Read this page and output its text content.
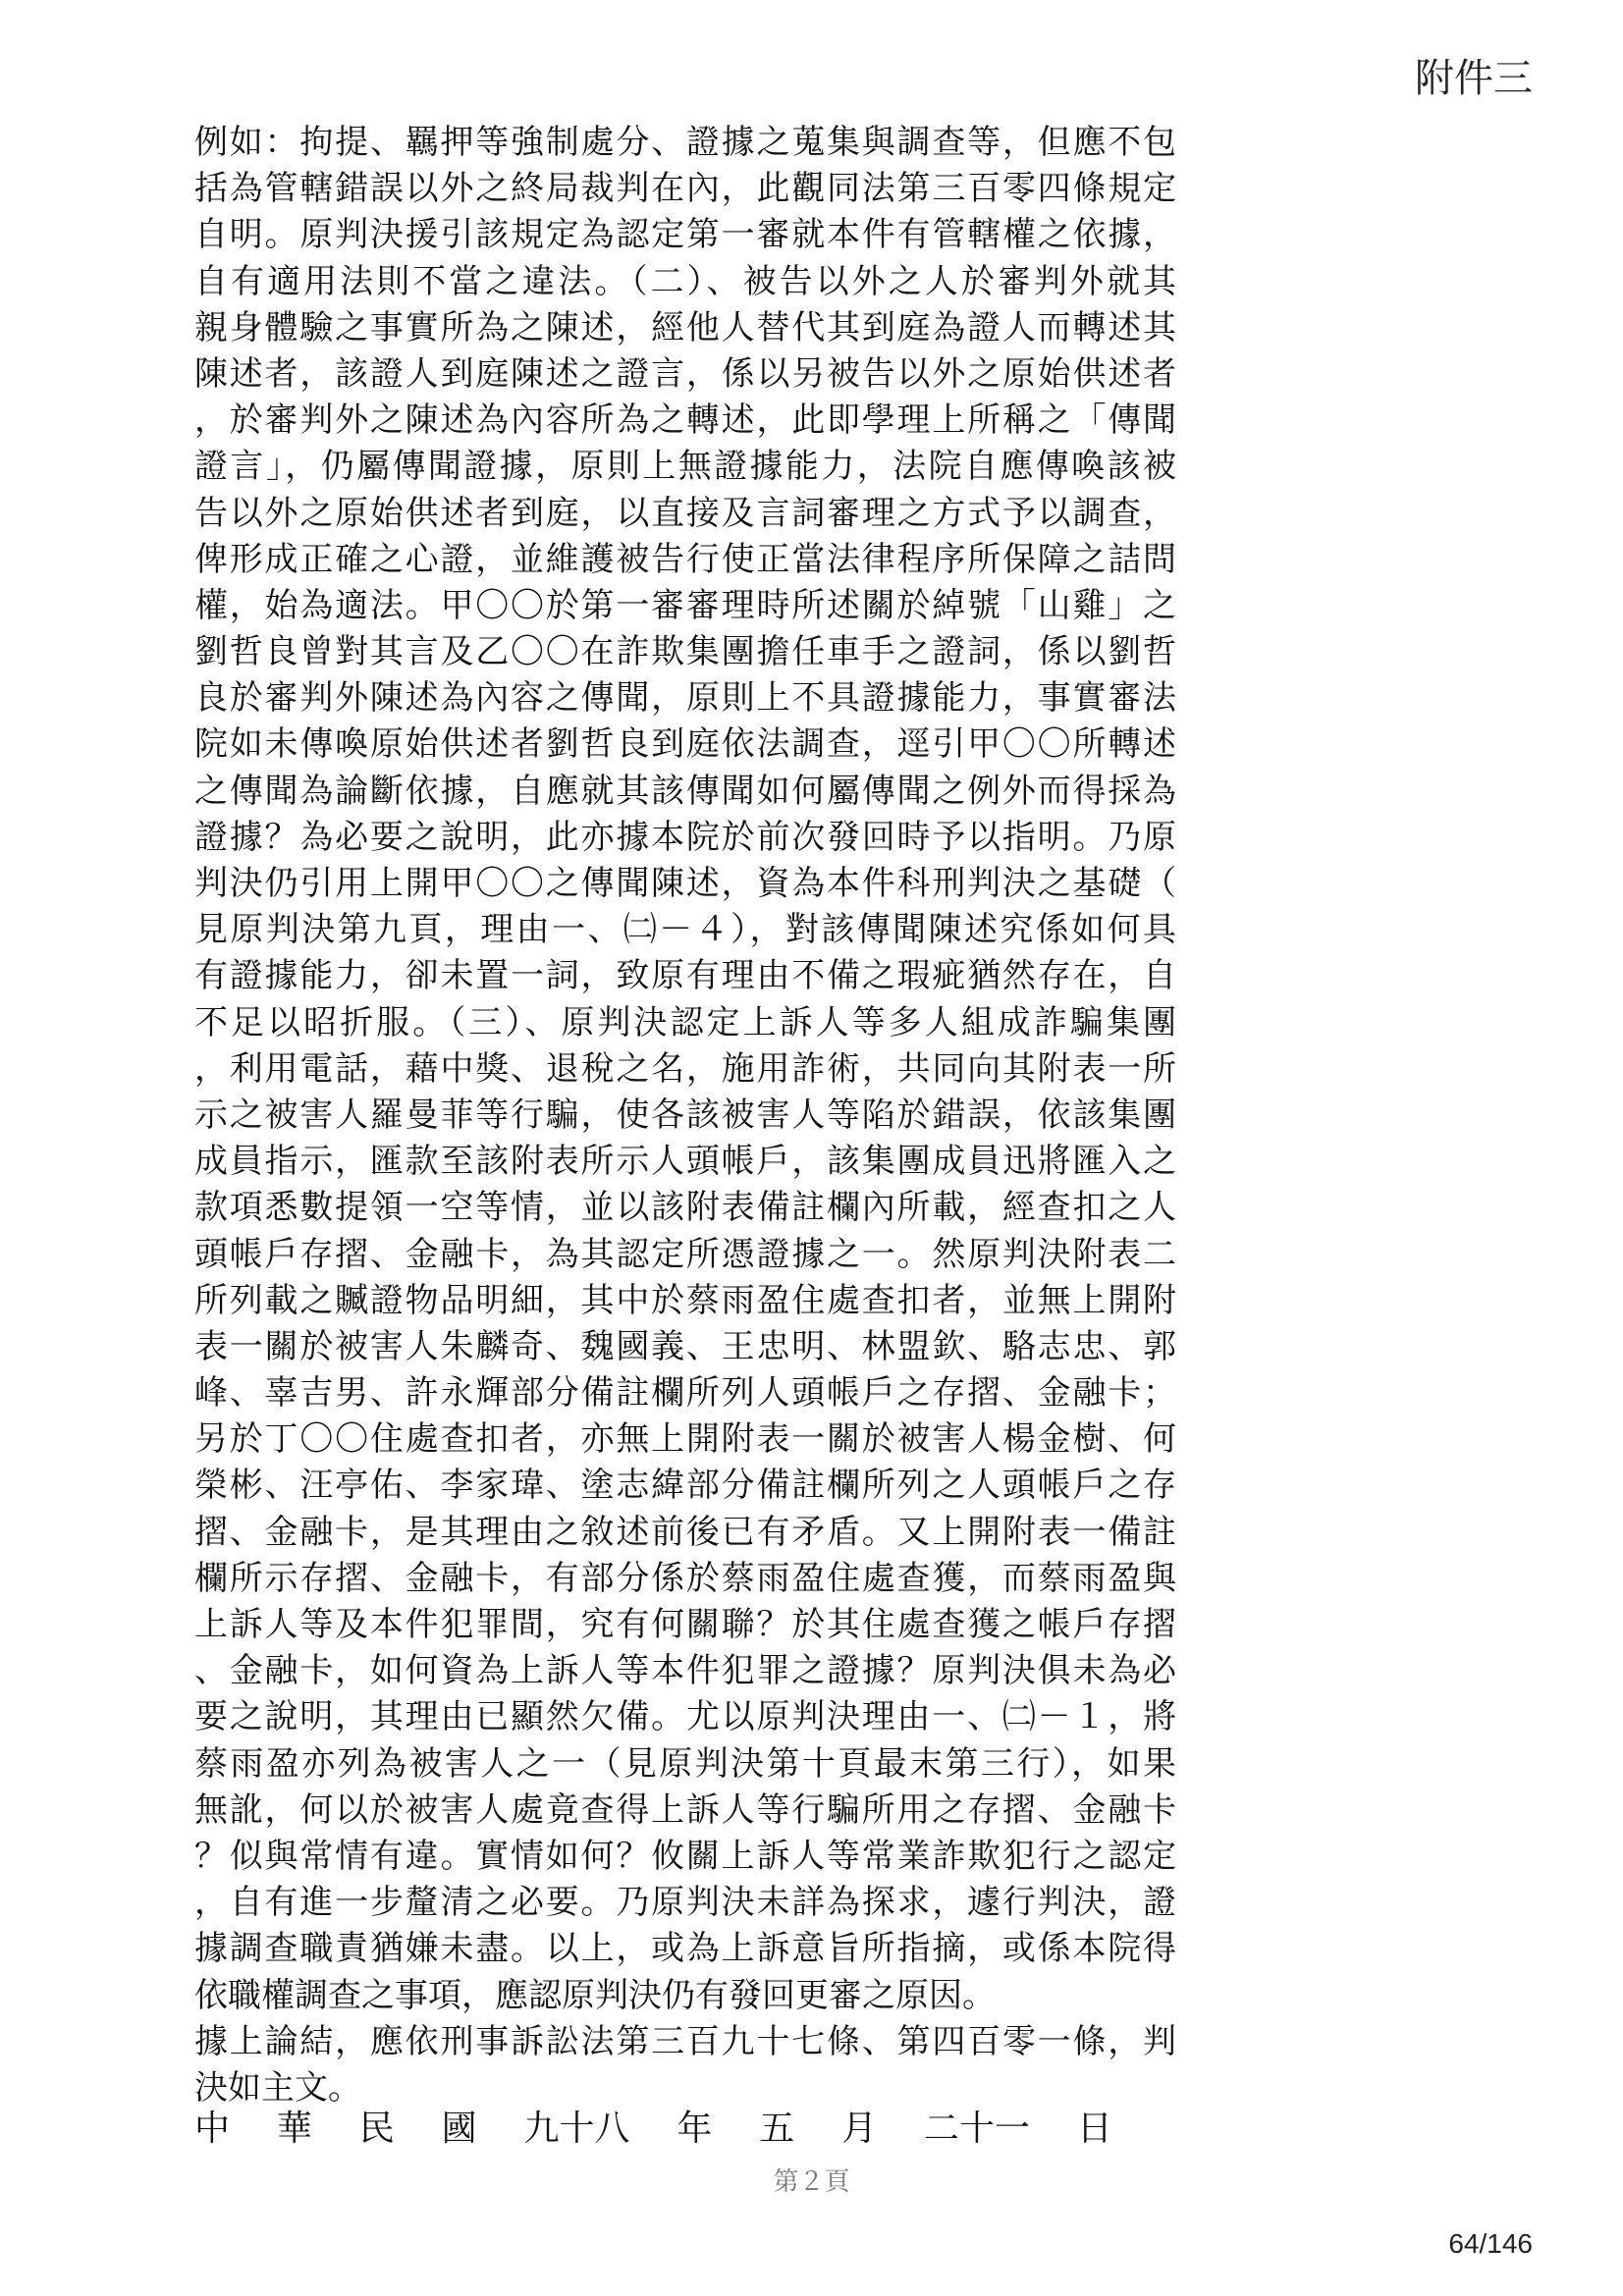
附件三
例如：拘提、羈押等強制處分、證據之蒐集與調查等，但應不包
括為管轄錯誤以外之終局裁判在內，此觀同法第三百零四條規定
自明。原判決援引該規定為認定第一審就本件有管轄權之依據，
自有適用法則不當之違法。（二）、被告以外之人於審判外就其
親身體驗之事實所為之陳述，經他人替代其到庭為證人而轉述其
陳述者，該證人到庭陳述之證言，係以另被告以外之原始供述者
，於審判外之陳述為內容所為之轉述，此即學理上所稱之「傳聞
證言」，仍屬傳聞證據，原則上無證據能力，法院自應傳喚該被
告以外之原始供述者到庭，以直接及言詞審理之方式予以調查，
俾形成正確之心證，並維護被告行使正當法律程序所保障之詰問
權，始為適法。甲〇〇於第一審審理時所述關於綽號「山雞」之
劉哲良曾對其言及乙〇〇在詐欺集團擔任車手之證詞，係以劉哲
良於審判外陳述為內容之傳聞，原則上不具證據能力，事實審法
院如未傳喚原始供述者劉哲良到庭依法調查，逕引甲〇〇所轉述
之傳聞為論斷依據，自應就其該傳聞如何屬傳聞之例外而得採為
證據？為必要之說明，此亦據本院於前次發回時予以指明。乃原
判決仍引用上開甲〇〇之傳聞陳述，資為本件科刑判決之基礎（
見原判決第九頁，理由一、㈡－４），對該傳聞陳述究係如何具
有證據能力，卻未置一詞，致原有理由不備之瑕疵猶然存在，自
不足以昭折服。（三）、原判決認定上訴人等多人組成詐騙集團
，利用電話，藉中獎、退稅之名，施用詐術，共同向其附表一所
示之被害人羅曼菲等行騙，使各該被害人等陷於錯誤，依該集團
成員指示，匯款至該附表所示人頭帳戶，該集團成員迅將匯入之
款項悉數提領一空等情，並以該附表備註欄內所載，經查扣之人
頭帳戶存摺、金融卡，為其認定所憑證據之一。然原判決附表二
所列載之贓證物品明細，其中於蔡雨盈住處查扣者，並無上開附
表一關於被害人朱麟奇、魏國義、王忠明、林盟欽、駱志忠、郭
峰、辜吉男、許永輝部分備註欄所列人頭帳戶之存摺、金融卡；
另於丁〇〇住處查扣者，亦無上開附表一關於被害人楊金樹、何
榮彬、汪亭佑、李家瑋、塗志緯部分備註欄所列之人頭帳戶之存
摺、金融卡，是其理由之敘述前後已有矛盾。又上開附表一備註
欄所示存摺、金融卡，有部分係於蔡雨盈住處查獲，而蔡雨盈與
上訴人等及本件犯罪間，究有何關聯？於其住處查獲之帳戶存摺
、金融卡，如何資為上訴人等本件犯罪之證據？原判決俱未為必
要之說明，其理由已顯然欠備。尤以原判決理由一、㈡－１，將
蔡雨盈亦列為被害人之一（見原判決第十頁最末第三行），如果
無訛，何以於被害人處竟查得上訴人等行騙所用之存摺、金融卡
？似與常情有違。實情如何？攸關上訴人等常業詐欺犯行之認定
，自有進一步釐清之必要。乃原判決未詳為探求，遽行判決，證
據調查職責猶嫌未盡。以上，或為上訴意旨所指摘，或係本院得
依職權調查之事項，應認原判決仍有發回更審之原因。
據上論結，應依刑事訴訟法第三百九十七條、第四百零一條，判
決如主文。
中 華 民 國 九十八 年 五 月 二十一 日
第２頁
64/146
